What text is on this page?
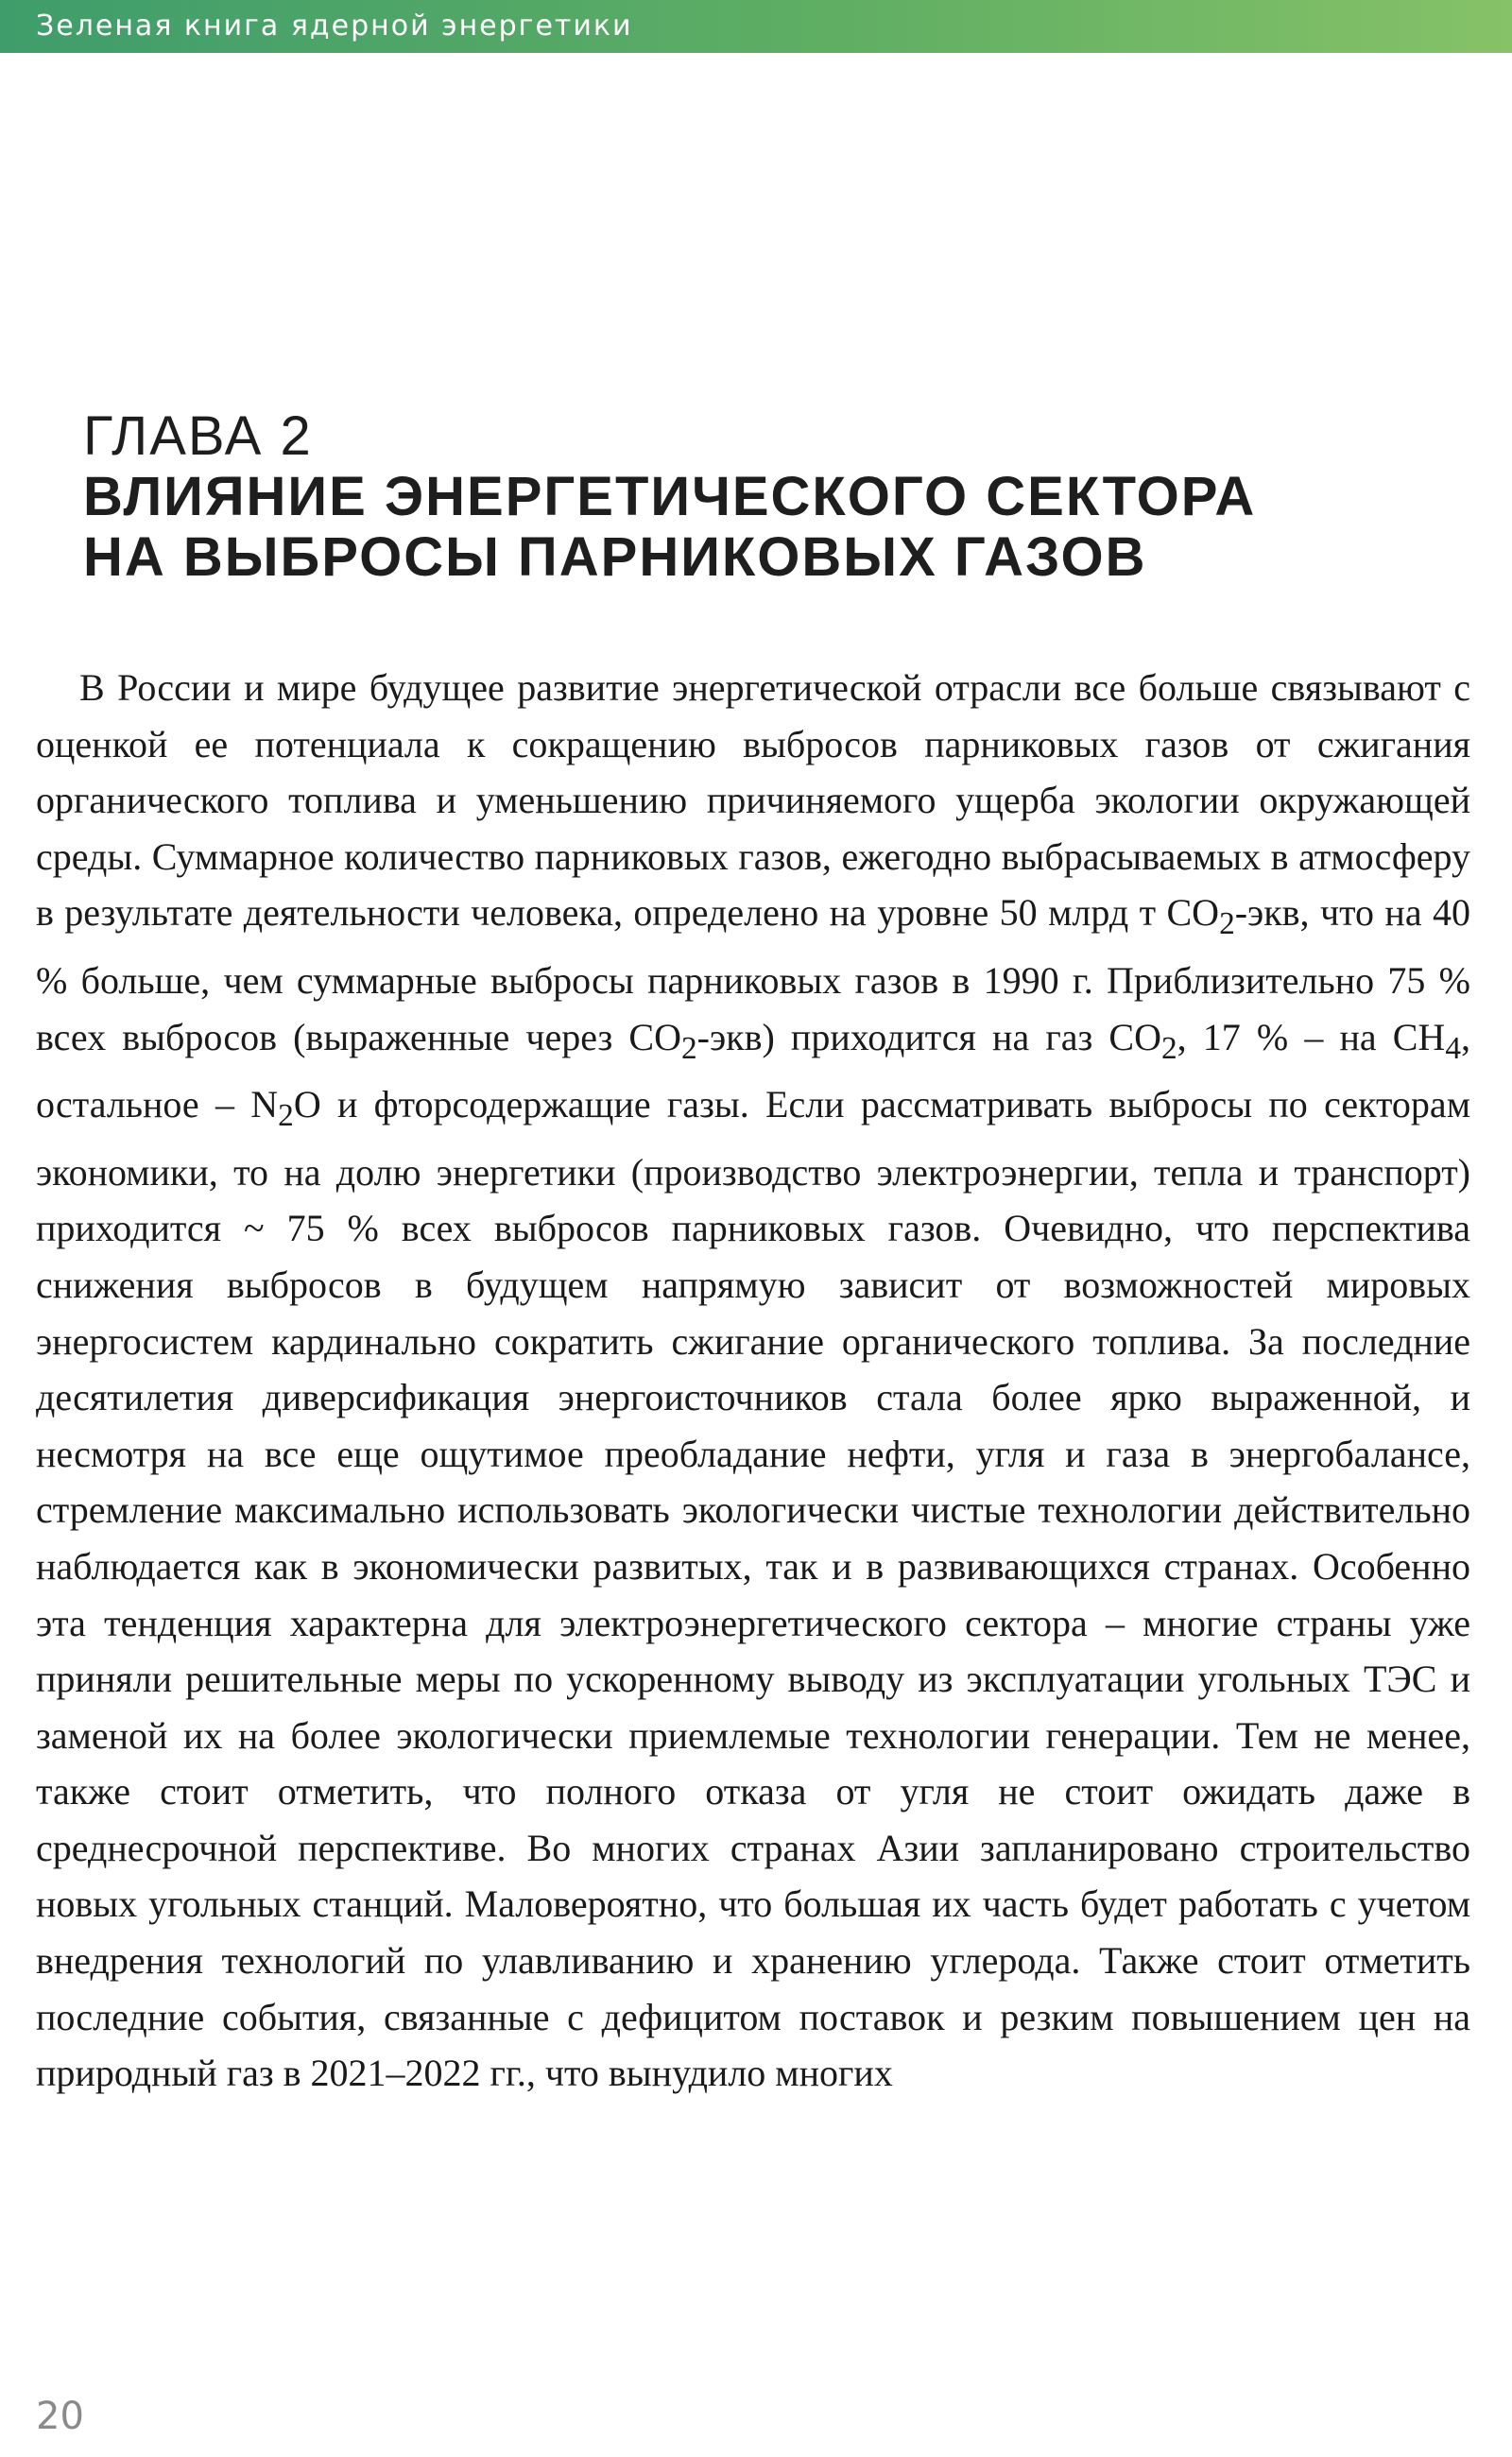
Зеленая книга ядерной энергетики
ГЛАВА 2
ВЛИЯНИЕ ЭНЕРГЕТИЧЕСКОГО СЕКТОРА
НА ВЫБРОСЫ ПАРНИКОВЫХ ГАЗОВ

В России и мире будущее развитие энергетической отрасли все больше связывают с оценкой ее потенциала к сокращению выбросов парниковых газов от сжигания органического топлива и уменьшению причиняемого ущерба экологии окружающей среды. Суммарное количество парниковых газов, ежегодно выбрасываемых в атмосферу в результате деятельности человека, определено на уровне 50 млрд т $СО_2$-экв, что на 40 % больше, чем суммарные выбросы парниковых газов в 1990 г. Приблизительно 75 % всех выбросов (выраженные через $СО_2-экв$) приходится на газ $СО_2$, 17 % – на $СН_4$, остальное – $N_2O$ и фторсодержащие газы. Если рассматривать выбросы по секторам экономики, то на долю энергетики (производство электроэнергии, тепла и транспорт) приходится ~ 75 % всех выбросов парниковых газов. Очевидно, что перспектива снижения выбросов в будущем напрямую зависит от возможностей мировых энергосистем кардинально сократить сжигание органического топлива. За последние десятилетия диверсификация энергоисточников стала более ярко выраженной, и несмотря на все еще ощутимое преобладание нефти, угля и газа в энергобалансе, стремление максимально использовать экологически чистые технологии действительно наблюдается как в экономически развитых, так и в развивающихся странах. Особенно эта тенденция характерна для электроэнергетического сектора – многие страны уже приняли решительные меры по ускоренному выводу из эксплуатации угольных ТЭС и заменой их на более экологически приемлемые технологии генерации. Тем не менее, также стоит отметить, что полного отказа от угля не стоит ожидать даже в среднесрочной перспективе. Во многих странах Азии запланировано строительство новых угольных станций. Маловероятно, что большая их часть будет работать с учетом внедрения технологий по улавливанию и хранению углерода. Также стоит отметить последние события, связанные с дефицитом поставок и резким повышением цен на природный газ в 2021–2022 гг., что вынудило многих

20
